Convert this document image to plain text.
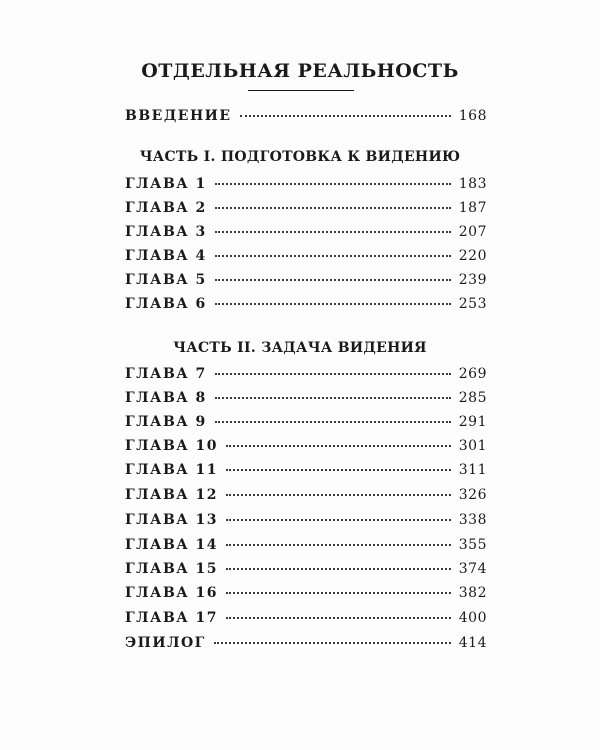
ОТДЕЛЬНАЯ РЕАЛЬНОСТЬ
ВВЕДЕНИЕ	168
ЧАСТЬ I. ПОДГОТОВКА К ВИДЕНИЮ
ГЛАВА 1	183
ГЛАВА 2	187
ГЛАВА 3	207
ГЛАВА 4	220
ГЛАВА 5	239
ГЛАВА 6	253
ЧАСТЬ II. ЗАДАЧА ВИДЕНИЯ
ГЛАВА 7	269
ГЛАВА 8	285
ГЛАВА 9	291
ГЛАВА 10	301
ГЛАВА 11	311
ГЛАВА 12	326
ГЛАВА 13	338
ГЛАВА 14	355
ГЛАВА 15	374
ГЛАВА 16	382
ГЛАВА 17	400
ЭПИЛОГ	414
